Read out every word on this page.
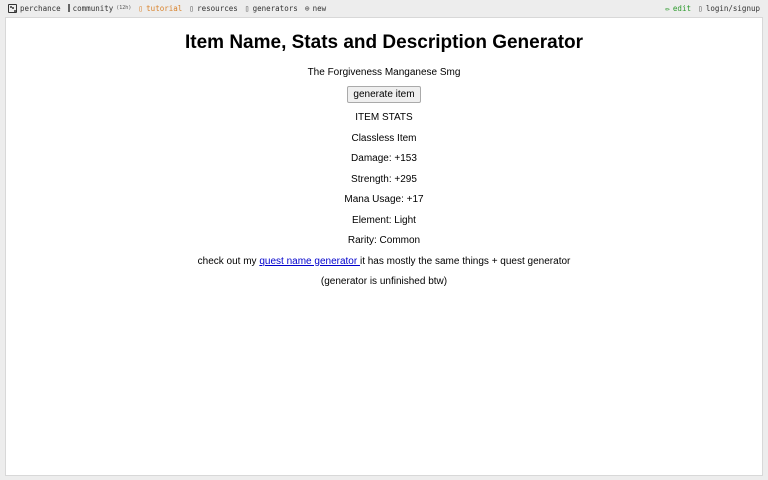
perchance community (12h) ▯ tutorial ▯ resources ▯ generators ⊕ new	✏ edit ▯ login/signup
Item Name, Stats and Description Generator
The Forgiveness Manganese Smg
generate item
ITEM STATS
Classless Item
Damage: +153
Strength: +295
Mana Usage: +17
Element: Light
Rarity: Common
check out my quest name generator it has mostly the same things + quest generator
(generator is unfinished btw)
